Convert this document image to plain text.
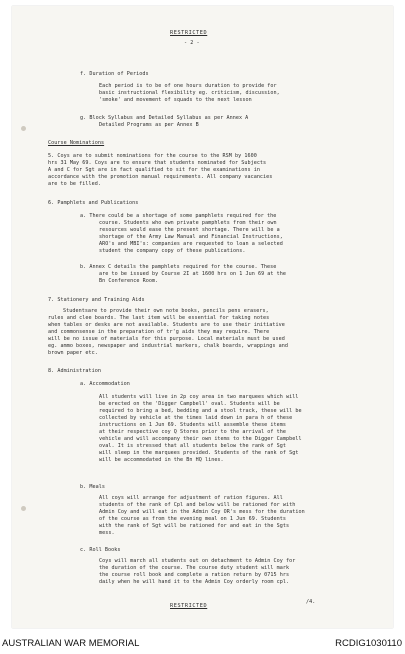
RESTRICTED
- 2 -
f. Duration of Periods
Each period is to be of one hours duration to provide for
basic instructional flexibility eg. criticism, discussion,
'smoke' and movement of squads to the next lesson
g. Block Syllabus and Detailed Syllabus as per Annex A
Detailed Programs as per Annex B
Course Nominations
5. Coys are to submit nominations for the course to the RSM by 1600
hrs 31 May 69. Coys are to ensure that students nominated for Subjects
A and C for Sgt are in fact qualified to sit for the examinations in
accordance with the promotion manual requirements. All company vacancies
are to be filled.
6. Pamphlets and Publications
a. There could be a shortage of some pamphlets required for the
course. Students who own private pamphlets from their own
resources would ease the present shortage. There will be a
shortage of the Army Law Manual and Financial Instructions,
ARO's and MBI's: companies are requested to loan a selected
student the company copy of these publications.
b. Annex C details the pamphlets required for the course. These
are to be issued by Course 2I at 1600 hrs on 1 Jun 69 at the
Bn Conference Room.
7. Stationery and Training Aids
Studentsare to provide their own note books, pencils pens erasers,
rules and clee boards. The last item will be essential for taking notes
when tables or desks are not available. Students are to use their initiative
and commonsense in the preparation of tr'g aids they may require. There
will be no issue of materials for this purpose. Local materials must be used
eg. ammo boxes, newspaper and industrial markers, chalk boards, wrappings and
brown paper etc.
8. Administration
a. Accommodation
All students will live in 2p coy area in two marquees which will
be erected on the 'Digger Campbell' oval. Students will be
required to bring a bed, bedding and a stool track, these will be
collected by vehicle at the times laid down in para h of these
instructions on 1 Jun 69. Students will assemble these items
at their respective coy Q Stores prior to the arrival of the
vehicle and will accompany their own items to the Digger Campbell
oval. It is stressed that all students below the rank of Sgt
will sleep in the marquees provided. Students of the rank of Sgt
will be accommodated in the Bn HQ lines.
b. Meals
All coys will arrange for adjustment of ration figures. All
students of the rank of Cpl and below will be rationed for with
Admin Coy and will eat in the Admin Coy OR's mess for the duration
of the course as from the evening meal on 1 Jun 69. Students
with the rank of Sgt will be rationed for and eat in the Sgts
mess.
c. Roll Books
Coys will march all students out on detachment to Admin Coy for
the duration of the course. The course duty student will mark
the course roll book and complete a ration return by 0715 hrs
daily when he will hand it to the Admin Coy orderly room cpl.
/4.
RESTRICTED
AUSTRALIAN WAR MEMORIAL	RCDIG1030110
